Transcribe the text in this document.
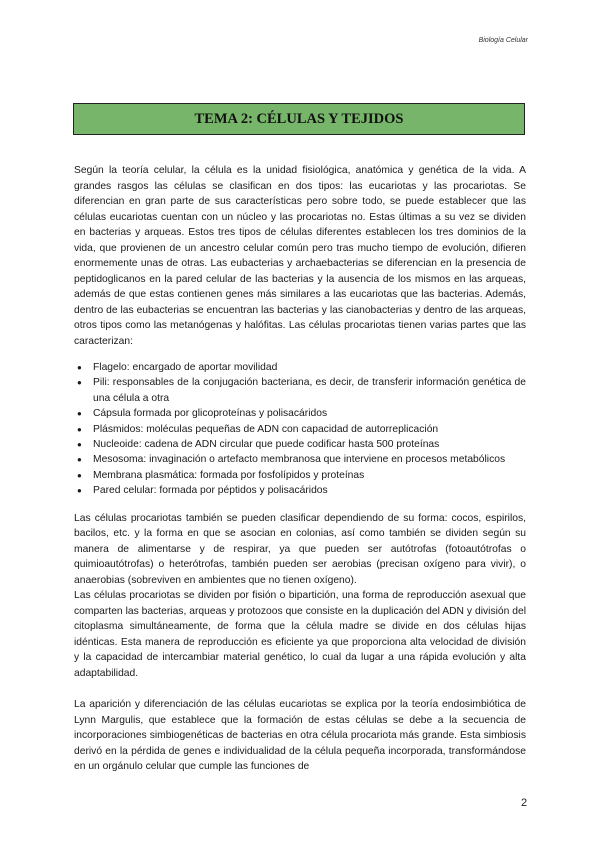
Biología Celular
TEMA 2: CÉLULAS Y TEJIDOS

Según la teoría celular, la célula es la unidad fisiológica, anatómica y genética de la vida. A grandes rasgos las células se clasifican en dos tipos: las eucariotas y las procariotas. Se diferencian en gran parte de sus características pero sobre todo, se puede establecer que las células eucariotas cuentan con un núcleo y las procariotas no. Estas últimas a su vez se dividen en bacterias y arqueas. Estos tres tipos de células diferentes establecen los tres dominios de la vida, que provienen de un ancestro celular común pero tras mucho tiempo de evolución, difieren enormemente unas de otras. Las eubacterias y archaebacterias se diferencian en la presencia de peptidoglicanos en la pared celular de las bacterias y la ausencia de los mismos en las arqueas, además de que estas contienen genes más similares a las eucariotas que las bacterias. Además, dentro de las eubacterias se encuentran las bacterias y las cianobacterias y dentro de las arqueas, otros tipos como las metanógenas y halófitas. Las células procariotas tienen varias partes que las caracterizan:

● Flagelo: encargado de aportar movilidad
● Pili: responsables de la conjugación bacteriana, es decir, de transferir información genética de una célula a otra
● Cápsula formada por glicoproteínas y polisacáridos
● Plásmidos: moléculas pequeñas de ADN con capacidad de autorreplicación
● Nucleoide: cadena de ADN circular que puede codificar hasta 500 proteínas
● Mesosoma: invaginación o artefacto membranosa que interviene en procesos metabólicos
● Membrana plasmática: formada por fosfolípidos y proteínas
● Pared celular: formada por péptidos y polisacáridos

Las células procariotas también se pueden clasificar dependiendo de su forma: cocos, espirilos, bacilos, etc. y la forma en que se asocian en colonias, así como también se dividen según su manera de alimentarse y de respirar, ya que pueden ser autótrofas (fotoautótrofas o quimioautótrofas) o heterótrofas, también pueden ser aerobias (precisan oxígeno para vivir), o anaerobias (sobreviven en ambientes que no tienen oxígeno).

Las células procariotas se dividen por fisión o bipartición, una forma de reproducción asexual que comparten las bacterias, arqueas y protozoos que consiste en la duplicación del ADN y división del citoplasma simultáneamente, de forma que la célula madre se divide en dos células hijas idénticas. Esta manera de reproducción es eficiente ya que proporciona alta velocidad de división y la capacidad de intercambiar material genético, lo cual da lugar a una rápida evolución y alta adaptabilidad.

La aparición y diferenciación de las células eucariotas se explica por la teoría endosimbiótica de Lynn Margulis, que establece que la formación de estas células se debe a la secuencia de incorporaciones simbiogenéticas de bacterias en otra célula procariota más grande. Esta simbiosis derivó en la pérdida de genes e individualidad de la célula pequeña incorporada, transformándose en un orgánulo celular que cumple las funciones de

2
